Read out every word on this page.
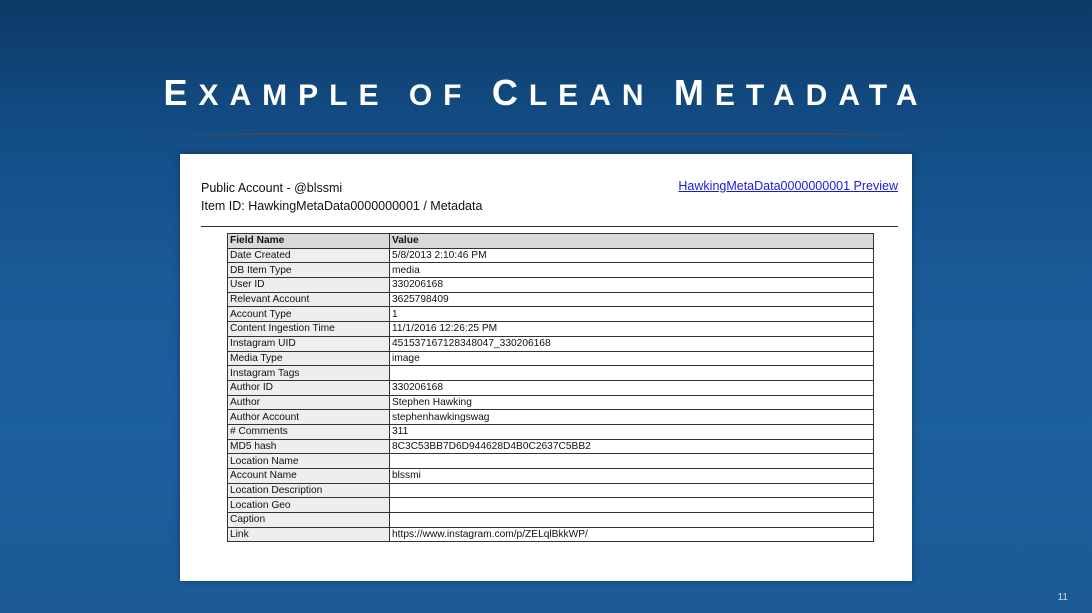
EXAMPLE OF CLEAN METADATA
Public Account - @blssmi
Item ID: HawkingMetaData0000000001 / Metadata
HawkingMetaData0000000001 Preview
Field Name	Value
Date Created	5/8/2013 2:10:46 PM
DB Item Type	media
User ID	330206168
Relevant Account	3625798409
Account Type	1
Content Ingestion Time	11/1/2016 12:26:25 PM
Instagram UID	451537167128348047_330206168
Media Type	image
Instagram Tags	
Author ID	330206168
Author	Stephen Hawking
Author Account	stephenhawkingswag
# Comments	311
MD5 hash	8C3C53BB7D6D944628D4B0C2637C5BB2
Location Name	
Account Name	blssmi
Location Description	
Location Geo	
Caption	
Link	https://www.instagram.com/p/ZELqlBkkWP/
11
